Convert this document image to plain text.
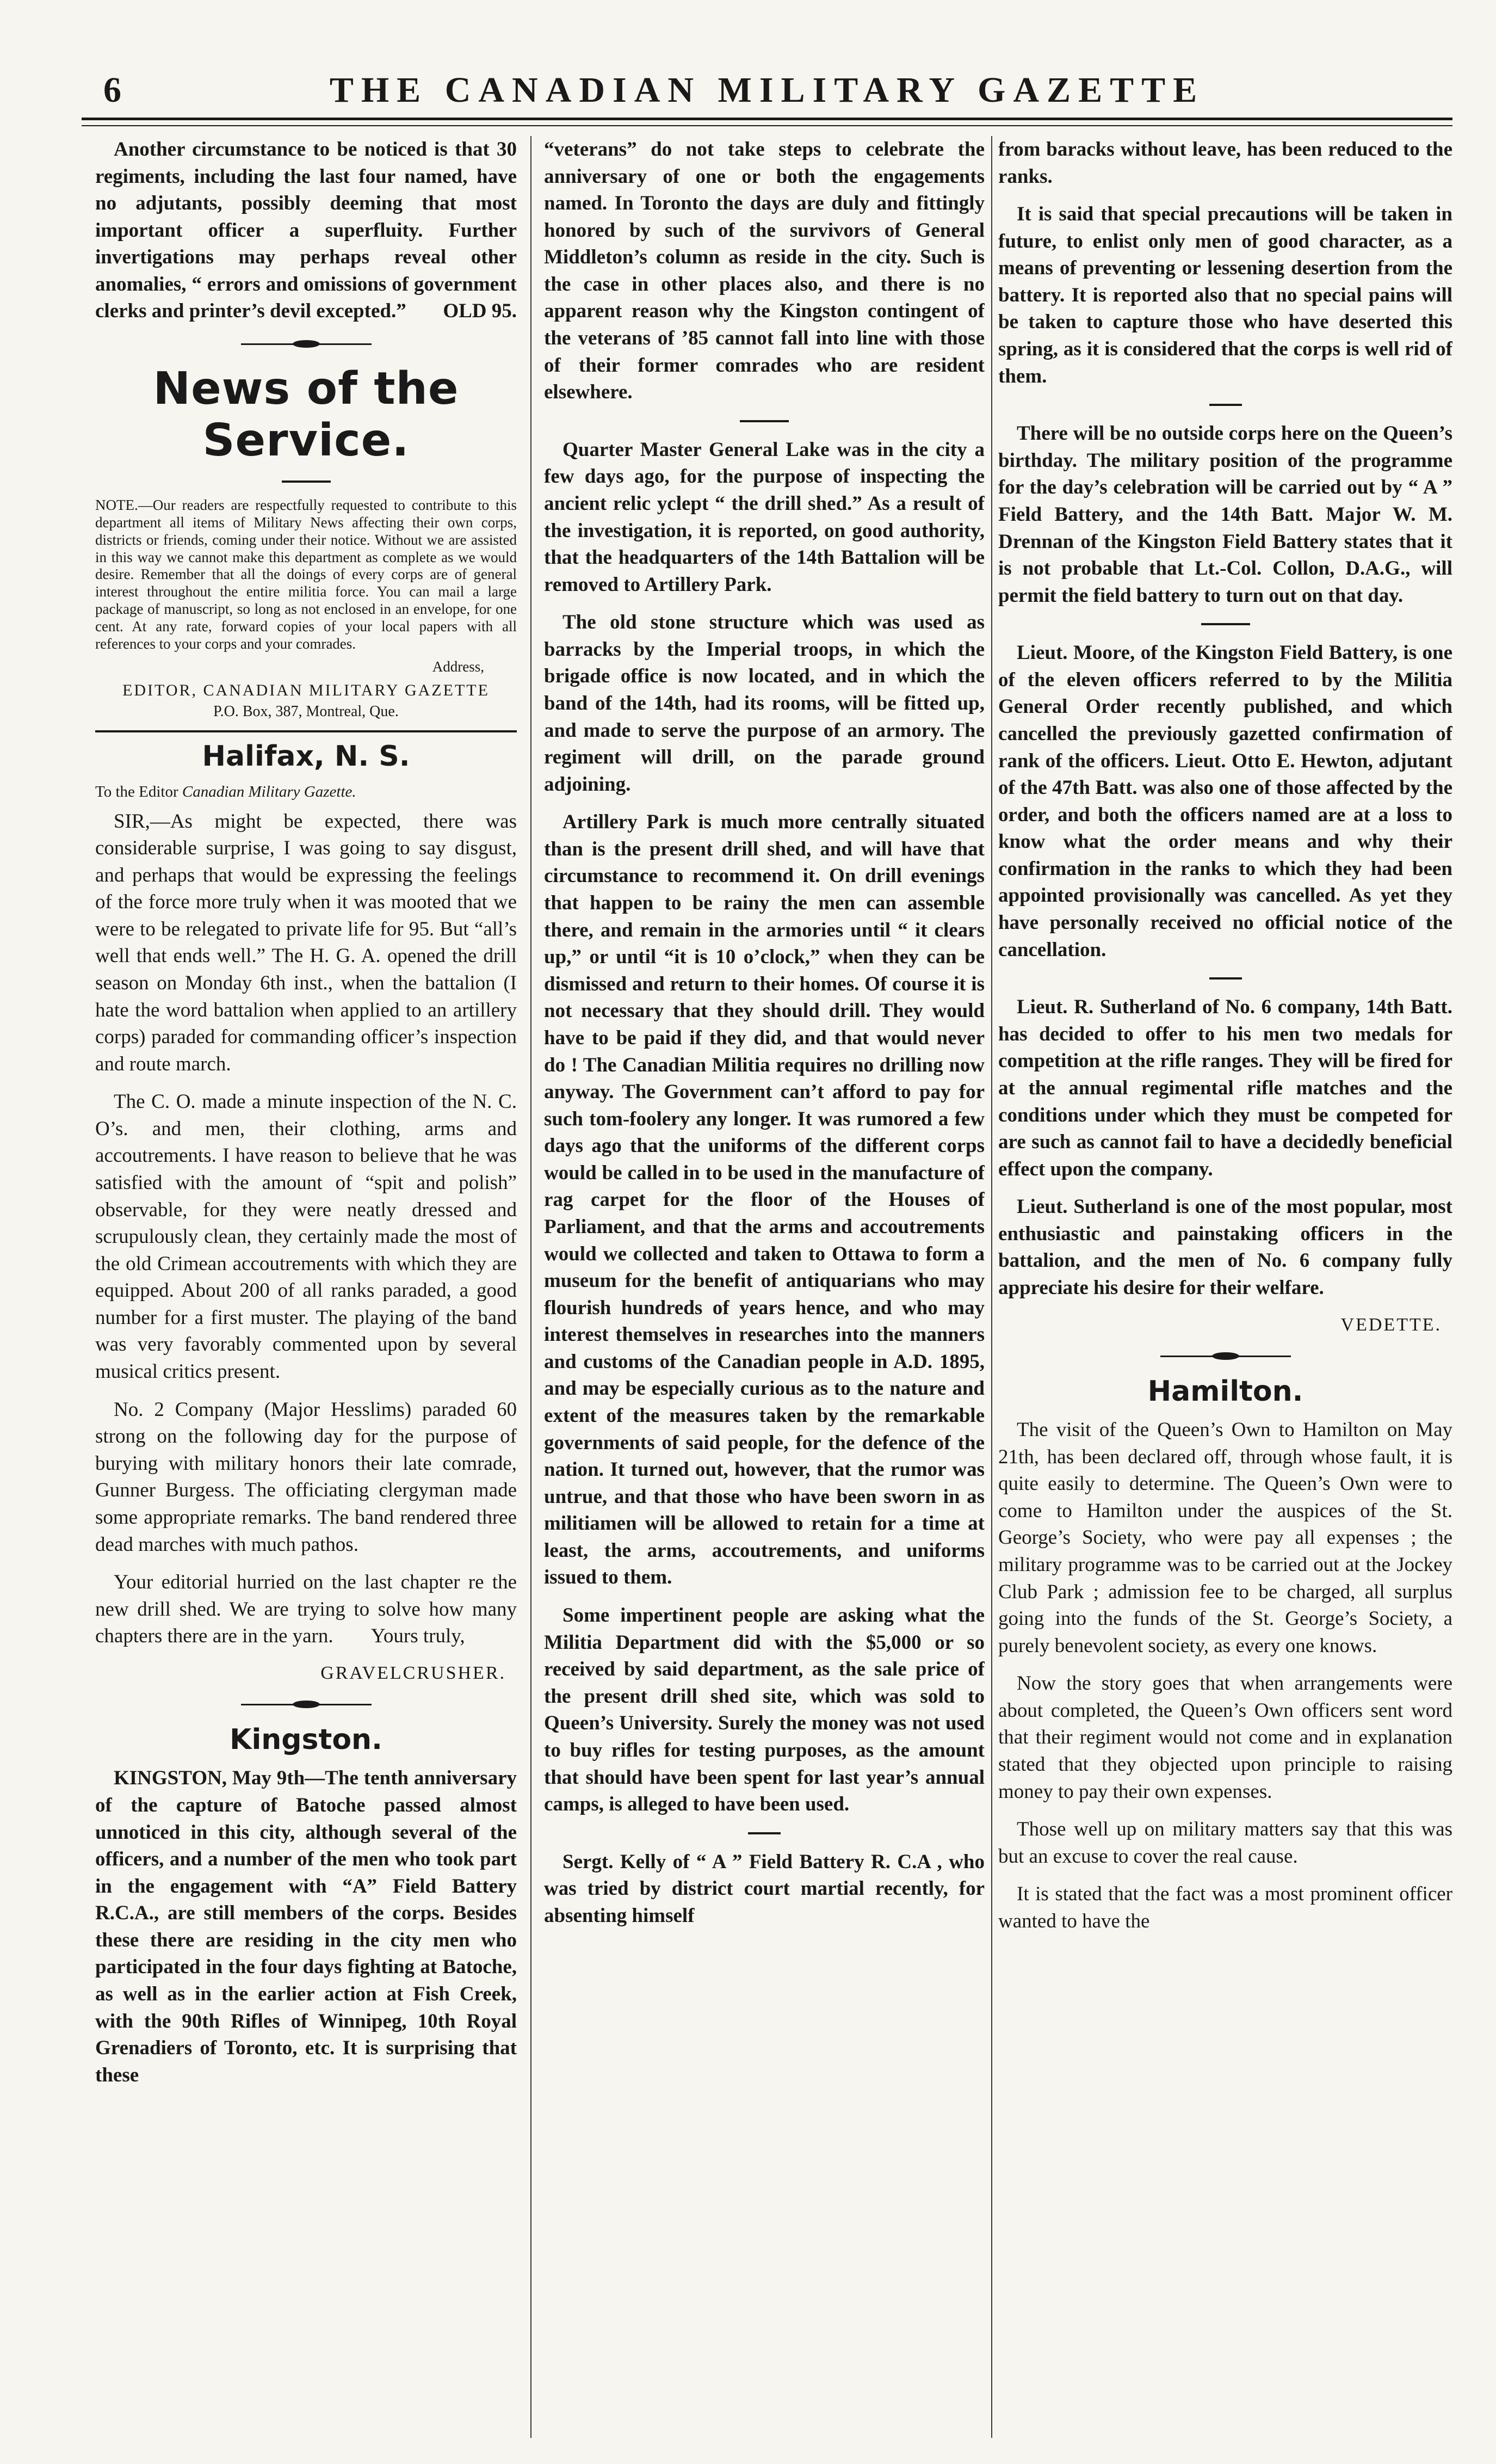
6	THE CANADIAN MILITARY GAZETTE

Another circumstance to be noticed is that 30 regiments, including the last four named, have no adjutants, possibly deeming that most important officer a superfluity. Further invertigations may perhaps reveal other anomalies, “ errors and omissions of government clerks and printer’s devil excepted.”	OLD 95.

News of the Service.
NOTE.—Our readers are respectfully requested to contribute to this department all items of Military News affecting their own corps, districts or friends, coming under their notice. Without we are assisted in this way we cannot make this department as complete as we would desire. Remember that all the doings of every corps are of general interest throughout the entire militia force. You can mail a large package of manuscript, so long as not enclosed in an envelope, for one cent. At any rate, forward copies of your local papers with all references to your corps and your comrades.
Address,
EDITOR, CANADIAN MILITARY GAZETTE
P.O. Box, 387, Montreal, Que.
Halifax, N. S.

To the Editor Canadian Military Gazette.

SIR,—As might be expected, there was considerable surprise, I was going to say disgust, and perhaps that would be expressing the feelings of the force more truly when it was mooted that we were to be relegated to private life for 95. But “all’s well that ends well.” The H. G. A. opened the drill season on Monday 6th inst., when the battalion (I hate the word battalion when applied to an artillery corps) paraded for commanding officer’s inspection and route march.

The C. O. made a minute inspection of the N. C. O’s. and men, their clothing, arms and accoutrements. I have reason to believe that he was satisfied with the amount of “spit and polish” observable, for they were neatly dressed and scrupulously clean, they certainly made the most of the old Crimean accoutrements with which they are equipped. About 200 of all ranks paraded, a good number for a first muster. The playing of the band was very favorably commented upon by several musical critics present.

No. 2 Company (Major Hesslims) paraded 60 strong on the following day for the purpose of burying with military honors their late comrade, Gunner Burgess. The officiating clergyman made some appropriate remarks. The band rendered three dead marches with much pathos.

Your editorial hurried on the last chapter re the new drill shed. We are trying to solve how many chapters there are in the yarn. Yours truly,

GRAVELCRUSHER.

Kingston.

KINGSTON, May 9th—The tenth anniversary of the capture of Batoche passed almost unnoticed in this city, although several of the officers, and a number of the men who took part in the engagement with “A” Field Battery R.C.A., are still members of the corps. Besides these there are residing in the city men who participated in the four days fighting at Batoche, as well as in the earlier action at Fish Creek, with the 90th Rifles of Winnipeg, 10th Royal Grenadiers of Toronto, etc. It is surprising that these

“veterans” do not take steps to celebrate the anniversary of one or both the engagements named. In Toronto the days are duly and fittingly honored by such of the survivors of General Middleton’s column as reside in the city. Such is the case in other places also, and there is no apparent reason why the Kingston contingent of the veterans of ’85 cannot fall into line with those of their former comrades who are resident elsewhere.

Quarter Master General Lake was in the city a few days ago, for the purpose of inspecting the ancient relic yclept “ the drill shed.” As a result of the investigation, it is reported, on good authority, that the headquarters of the 14th Battalion will be removed to Artillery Park.

The old stone structure which was used as barracks by the Imperial troops, in which the brigade office is now located, and in which the band of the 14th, had its rooms, will be fitted up, and made to serve the purpose of an armory. The regiment will drill, on the parade ground adjoining.

Artillery Park is much more centrally situated than is the present drill shed, and will have that circumstance to recommend it. On drill evenings that happen to be rainy the men can assemble there, and remain in the armories until “ it clears up,” or until “it is 10 o’clock,” when they can be dismissed and return to their homes. Of course it is not necessary that they should drill. They would have to be paid if they did, and that would never do ! The Canadian Militia requires no drilling now anyway. The Government can’t afford to pay for such tom-foolery any longer. It was rumored a few days ago that the uniforms of the different corps would be called in to be used in the manufacture of rag carpet for the floor of the Houses of Parliament, and that the arms and accoutrements would we collected and taken to Ottawa to form a museum for the benefit of antiquarians who may flourish hundreds of years hence, and who may interest themselves in researches into the manners and customs of the Canadian people in A.D. 1895, and may be especially curious as to the nature and extent of the measures taken by the remarkable governments of said people, for the defence of the nation. It turned out, however, that the rumor was untrue, and that those who have been sworn in as militiamen will be allowed to retain for a time at least, the arms, accoutrements, and uniforms issued to them.

Some impertinent people are asking what the Militia Department did with the $5,000 or so received by said department, as the sale price of the present drill shed site, which was sold to Queen’s University. Surely the money was not used to buy rifles for testing purposes, as the amount that should have been spent for last year’s annual camps, is alleged to have been used.

Sergt. Kelly of “ A ” Field Battery R. C.A , who was tried by district court martial recently, for absenting himself

from baracks without leave, has been reduced to the ranks.

It is said that special precautions will be taken in future, to enlist only men of good character, as a means of preventing or lessening desertion from the battery. It is reported also that no special pains will be taken to capture those who have deserted this spring, as it is considered that the corps is well rid of them.

There will be no outside corps here on the Queen’s birthday. The military position of the programme for the day’s celebration will be carried out by “ A ” Field Battery, and the 14th Batt. Major W. M. Drennan of the Kingston Field Battery states that it is not probable that Lt.-Col. Collon, D.A.G., will permit the field battery to turn out on that day.

Lieut. Moore, of the Kingston Field Battery, is one of the eleven officers referred to by the Militia General Order recently published, and which cancelled the previously gazetted confirmation of rank of the officers. Lieut. Otto E. Hewton, adjutant of the 47th Batt. was also one of those affected by the order, and both the officers named are at a loss to know what the order means and why their confirmation in the ranks to which they had been appointed provisionally was cancelled. As yet they have personally received no official notice of the cancellation.

Lieut. R. Sutherland of No. 6 company, 14th Batt. has decided to offer to his men two medals for competition at the rifle ranges. They will be fired for at the annual regimental rifle matches and the conditions under which they must be competed for are such as cannot fail to have a decidedly beneficial effect upon the company.

Lieut. Sutherland is one of the most popular, most enthusiastic and painstaking officers in the battalion, and the men of No. 6 company fully appreciate his desire for their welfare.

VEDETTE.

Hamilton.

The visit of the Queen’s Own to Hamilton on May 21th, has been declared off, through whose fault, it is quite easily to determine. The Queen’s Own were to come to Hamilton under the auspices of the St. George’s Society, who were pay all expenses ; the military programme was to be carried out at the Jockey Club Park ; admission fee to be charged, all surplus going into the funds of the St. George’s Society, a purely benevolent society, as every one knows.

Now the story goes that when arrangements were about completed, the Queen’s Own officers sent word that their regiment would not come and in explanation stated that they objected upon principle to raising money to pay their own expenses.

Those well up on military matters say that this was but an excuse to cover the real cause.

It is stated that the fact was a most prominent officer wanted to have the
